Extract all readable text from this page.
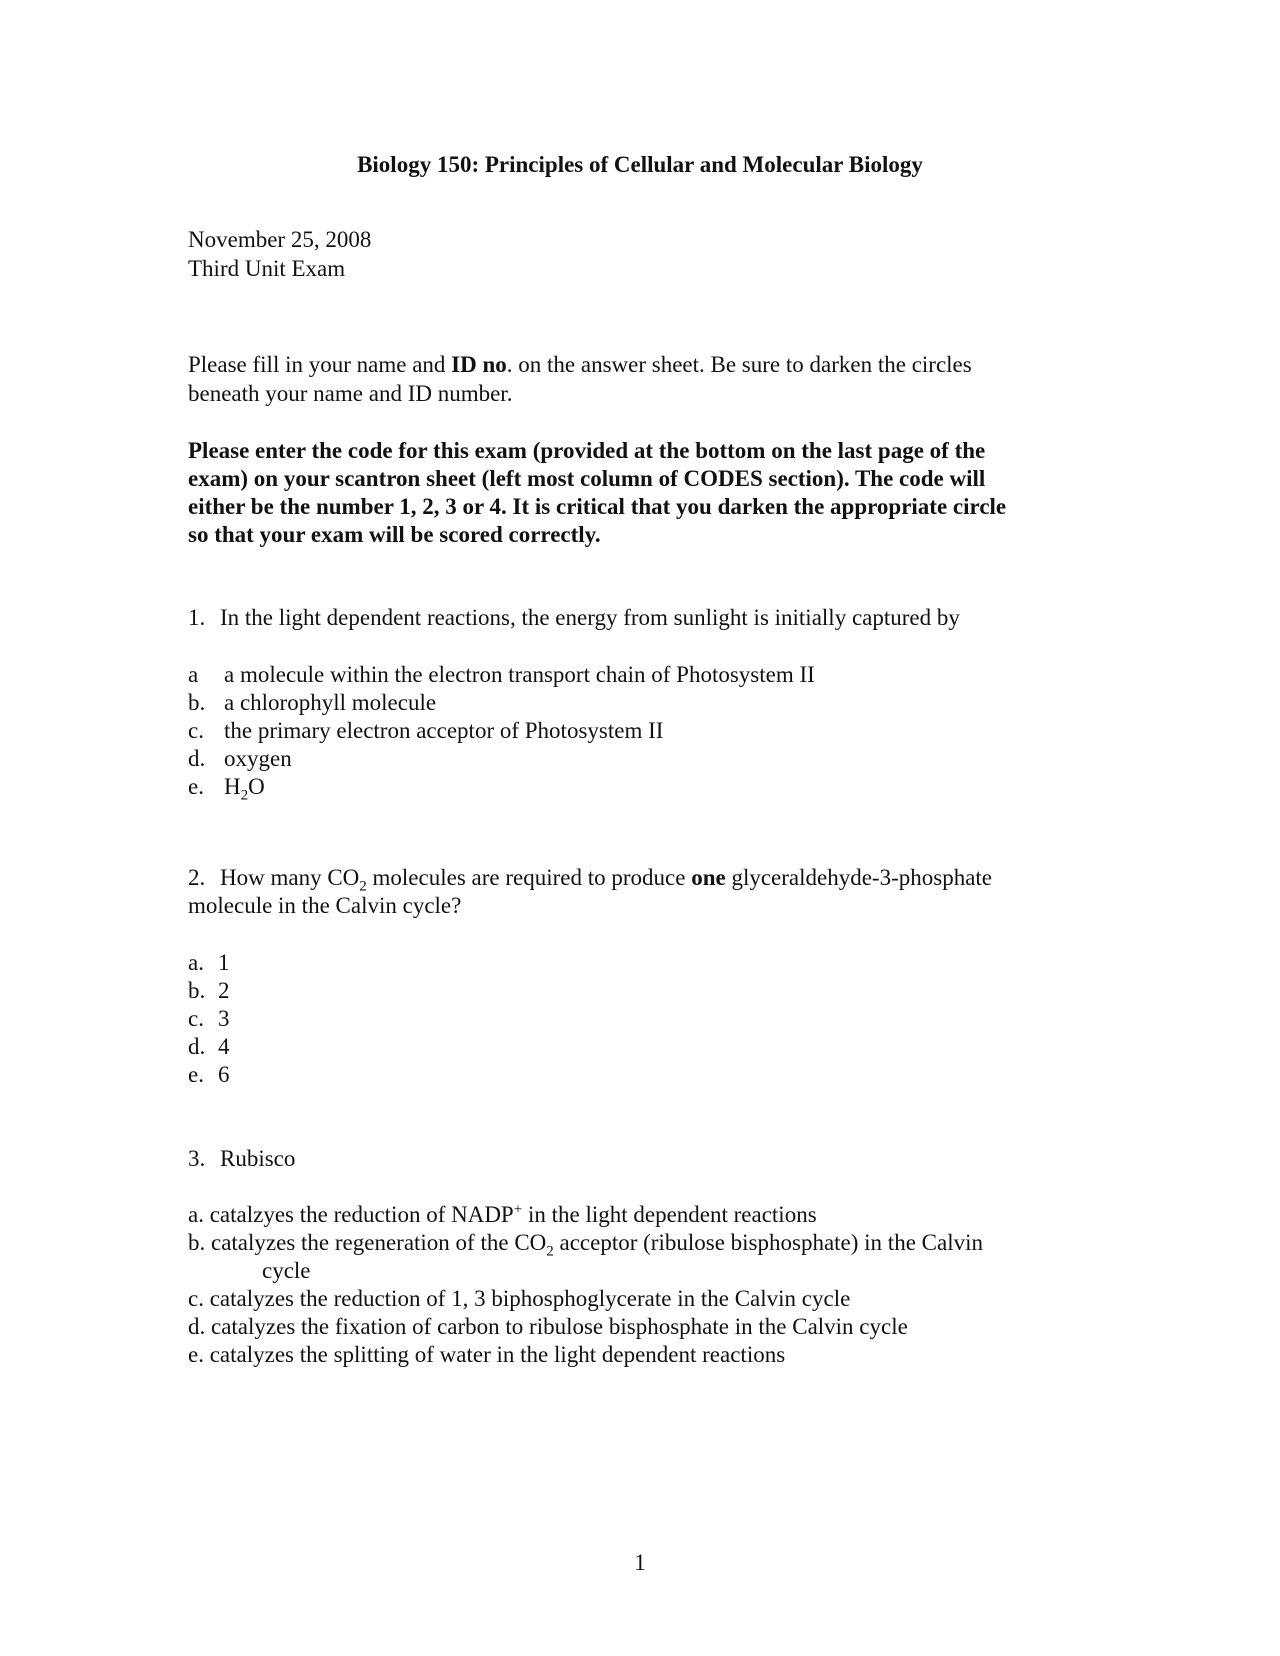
Biology 150: Principles of Cellular and Molecular Biology
November 25, 2008
Third Unit Exam
Please fill in your name and ID no. on the answer sheet. Be sure to darken the circles beneath your name and ID number.
Please enter the code for this exam (provided at the bottom on the last page of the
exam) on your scantron sheet (left most column of CODES section). The code will
either be the number 1, 2, 3 or 4. It is critical that you darken the appropriate circle
so that your exam will be scored correctly.
1. In the light dependent reactions, the energy from sunlight is initially captured by
a a molecule within the electron transport chain of Photosystem II
b. a chlorophyll molecule
c. the primary electron acceptor of Photosystem II
d. oxygen
e. $H_2O$
2. How many $CO_2$ molecules are required to produce one glyceraldehyde-3-phosphate
molecule in the Calvin cycle?
a. 1
b. 2
c. 3
d. 4
e. 6
3. Rubisco
a. catalzyes the reduction of NADP+ in the light dependent reactions
b. catalyzes the regeneration of the $CO_2$ acceptor (ribulose bisphosphate) in the Calvin
cycle
c. catalyzes the reduction of 1, 3 biphosphoglycerate in the Calvin cycle
d. catalyzes the fixation of carbon to ribulose bisphosphate in the Calvin cycle
e. catalyzes the splitting of water in the light dependent reactions
1
